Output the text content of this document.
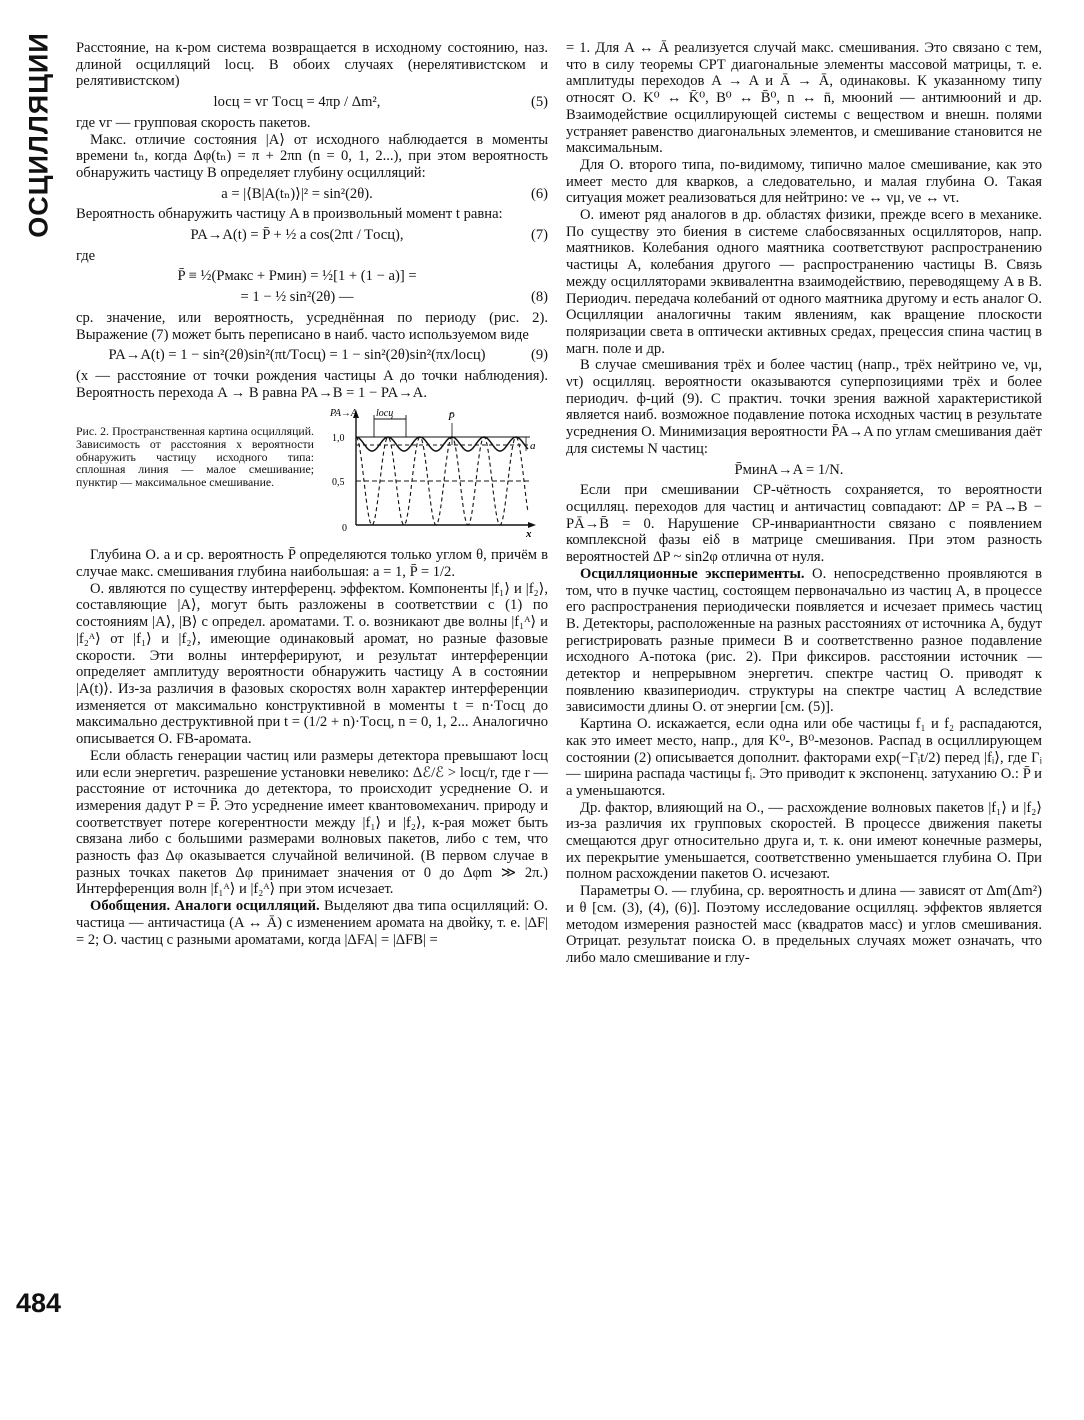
ОСЦИЛЛЯЦИИ
484

Расстояние, на к-ром система возвращается в исходному состоянию, наз. длиной осцилляций lосц. В обоих случаях (нерелятивистском и релятивистском)

lосц = vᴦ Tосц = 4πp / Δm²,	(5)

где vᴦ — групповая скорость пакетов.

Макс. отличие состояния |A⟩ от исходного наблюдается в моменты времени tₙ, когда Δφ(tₙ) = π + 2πn (n = 0, 1, 2...), при этом вероятность обнаружить частицу B определяет глубину осцилляций:

a = |⟨B|A(tₙ)⟩|² = sin²(2θ).	(6)

Вероятность обнаружить частицу A в произвольный момент t равна:

PA→A(t) = P̄ + ½ a cos(2πt / Tосц),	(7)

где

P̄ ≡ ½(Pмакс + Pмин) = ½[1 + (1 − a)] =
= 1 − ½ sin²(2θ) —	(8)

ср. значение, или вероятность, усреднённая по периоду (рис. 2). Выражение (7) может быть переписано в наиб. часто используемом виде

PA→A(t) = 1 − sin²(2θ)sin²(πt/Tосц) = 1 − sin²(2θ)sin²(πx/lосц)	(9)

(x — расстояние от точки рождения частицы A до точки наблюдения). Вероятность перехода A → B равна PA→B = 1 − PA→A.

Рис. 2. Пространственная картина осцилляций. Зависимость от расстояния x вероятности обнаружить частицу исходного типа: сплошная линия — малое смешивание; пунктир — максимальное смешивание.
PA→A lосц	P̄
a
1,0
0,5
0	x

Глубина О. a и ср. вероятность P̄ определяются только углом θ, причём в случае макс. смешивания глубина наибольшая: a = 1, P̄ = 1/2.

О. являются по существу интерференц. эффектом. Компоненты |f₁⟩ и |f₂⟩, составляющие |A⟩, могут быть разложены в соответствии с (1) по состояниям |A⟩, |B⟩ с определ. ароматами. Т. о. возникают две волны |f₁ᴬ⟩ и |f₂ᴬ⟩ от |f₁⟩ и |f₂⟩, имеющие одинаковый аромат, но разные фазовые скорости. Эти волны интерферируют, и результат интерференции определяет амплитуду вероятности обнаружить частицу A в состоянии |A(t)⟩. Из-за различия в фазовых скоростях волн характер интерференции изменяется от максимально конструктивной в моменты t = n·Tосц до максимально деструктивной при t = (1/2 + n)·Tосц, n = 0, 1, 2... Аналогично описывается О. FB-аромата.

Если область генерации частиц или размеры детектора превышают lосц или если энергетич. разрешение установки невелико: Δℰ/ℰ > lосц/r, где r — расстояние от источника до детектора, то происходит усреднение О. и измерения дадут P = P̄. Это усреднение имеет квантовомеханич. природу и соответствует потере когерентности между |f₁⟩ и |f₂⟩, к-рая может быть связана либо с большими размерами волновых пакетов, либо с тем, что разность фаз Δφ оказывается случайной величиной. (В первом случае в разных точках пакетов Δφ принимает значения от 0 до Δφm ≫ 2π.) Интерференция волн |f₁ᴬ⟩ и |f₂ᴬ⟩ при этом исчезает.

Обобщения. Аналоги осцилляций. Выделяют два типа осцилляций: О. частица — античастица (A ↔ Ā) с изменением аромата на двойку, т. е. |ΔF| = 2; О. частиц с разными ароматами, когда |ΔFA| = |ΔFB| =

= 1. Для A ↔ Ā реализуется случай макс. смешивания. Это связано с тем, что в силу теоремы CPT диагональные элементы массовой матрицы, т. е. амплитуды переходов A → A и Ā → Ā, одинаковы. К указанному типу относят О. K⁰ ↔ K̄⁰, B⁰ ↔ B̄⁰, n ↔ n̄, мюоний — антимюоний и др. Взаимодействие осциллирующей системы с веществом и внешн. полями устраняет равенство диагональных элементов, и смешивание становится не максимальным.

Для О. второго типа, по-видимому, типично малое смешивание, как это имеет место для кварков, а следовательно, и малая глубина О. Такая ситуация может реализоваться для нейтрино: νe ↔ νμ, νe ↔ ντ.

О. имеют ряд аналогов в др. областях физики, прежде всего в механике. По существу это биения в системе слабосвязанных осцилляторов, напр. маятников. Колебания одного маятника соответствуют распространению частицы A, колебания другого — распространению частицы B. Связь между осцилляторами эквивалентна взаимодействию, переводящему A в B. Периодич. передача колебаний от одного маятника другому и есть аналог О. Осцилляции аналогичны таким явлениям, как вращение плоскости поляризации света в оптически активных средах, прецессия спина частиц в магн. поле и др.

В случае смешивания трёх и более частиц (напр., трёх нейтрино νe, νμ, ντ) осцилляц. вероятности оказываются суперпозициями трёх и более периодич. ф-ций (9). С практич. точки зрения важной характеристикой является наиб. возможное подавление потока исходных частиц в результате усреднения О. Минимизация вероятности P̄A→A по углам смешивания даёт для системы N частиц:

P̄минA→A = 1/N.

Если при смешивании CP-чётность сохраняется, то вероятности осцилляц. переходов для частиц и античастиц совпадают: ΔP = PA→B − PĀ→B̄ = 0. Нарушение CP-инвариантности связано с появлением комплексной фазы eiδ в матрице смешивания. При этом разность вероятностей ΔP ~ sin2φ отлична от нуля.

Осцилляционные эксперименты. О. непосредственно проявляются в том, что в пучке частиц, состоящем первоначально из частиц A, в процессе его распространения периодически появляется и исчезает примесь частиц B. Детекторы, расположенные на разных расстояниях от источника A, будут регистрировать разные примеси B и соответственно разное подавление исходного A-потока (рис. 2). При фиксиров. расстоянии источник — детектор и непрерывном энергетич. спектре частиц О. приводят к появлению квазипериодич. структуры на спектре частиц A вследствие зависимости длины О. от энергии [см. (5)].

Картина О. искажается, если одна или обе частицы f₁ и f₂ распадаются, как это имеет место, напр., для K⁰-, B⁰-мезонов. Распад в осциллирующем состоянии (2) описывается дополнит. факторами exp(−Γᵢt/2) перед |fᵢ⟩, где Γᵢ — ширина распада частицы fᵢ. Это приводит к экспоненц. затуханию О.: P̄ и a уменьшаются.

Др. фактор, влияющий на О., — расхождение волновых пакетов |f₁⟩ и |f₂⟩ из-за различия их групповых скоростей. В процессе движения пакеты смещаются друг относительно друга и, т. к. они имеют конечные размеры, их перекрытие уменьшается, соответственно уменьшается глубина О. При полном расхождении пакетов О. исчезают.

Параметры О. — глубина, ср. вероятность и длина — зависят от Δm(Δm²) и θ [см. (3), (4), (6)]. Поэтому исследование осцилляц. эффектов является методом измерения разностей масс (квадратов масс) и углов смешивания. Отрицат. результат поиска О. в предельных случаях может означать, что либо мало смешивание и глу-
